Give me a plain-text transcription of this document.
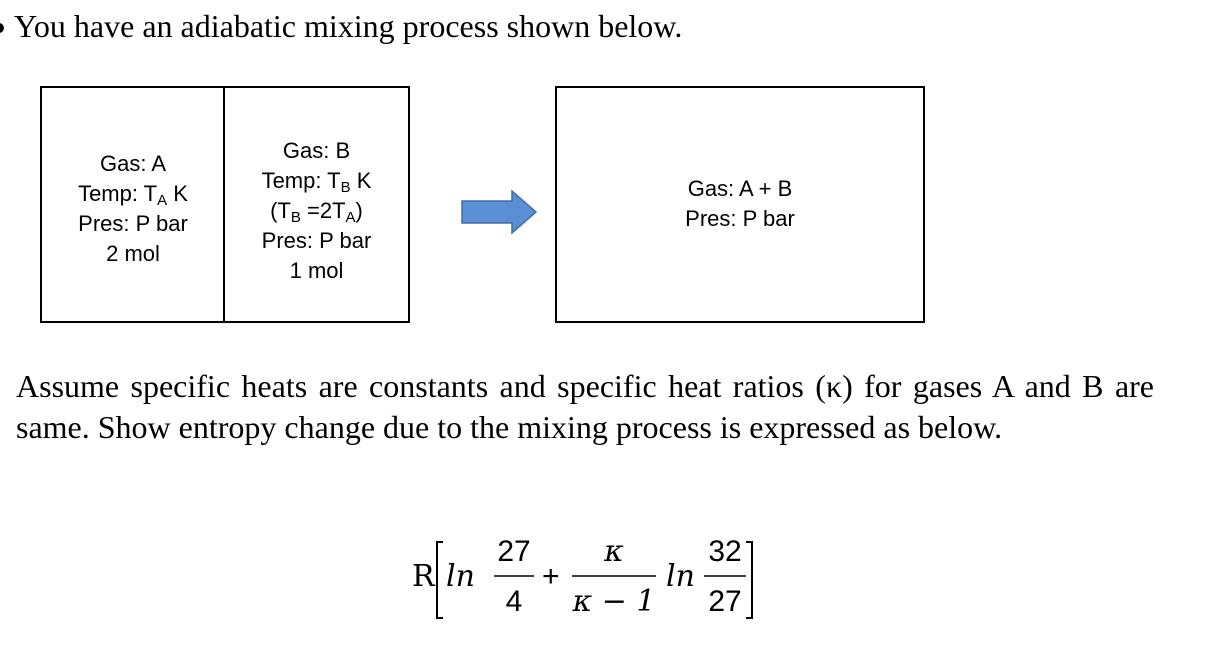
You have an adiabatic mixing process shown below.
Gas: A
Temp: $T_A$ K
Pres: P bar
2 mol
Gas: B
Temp: $T_B$ K
$(T_B =2T_A)$
Pres: P bar
1 mol
Gas: A + B
Pres: P bar
Assume specific heats are constants and specific heat ratios (κ) for gases A and B are same. Show entropy change due to the mixing process is expressed as below.
R ln
27
4
+
κ
κ − 1
ln
32
27
